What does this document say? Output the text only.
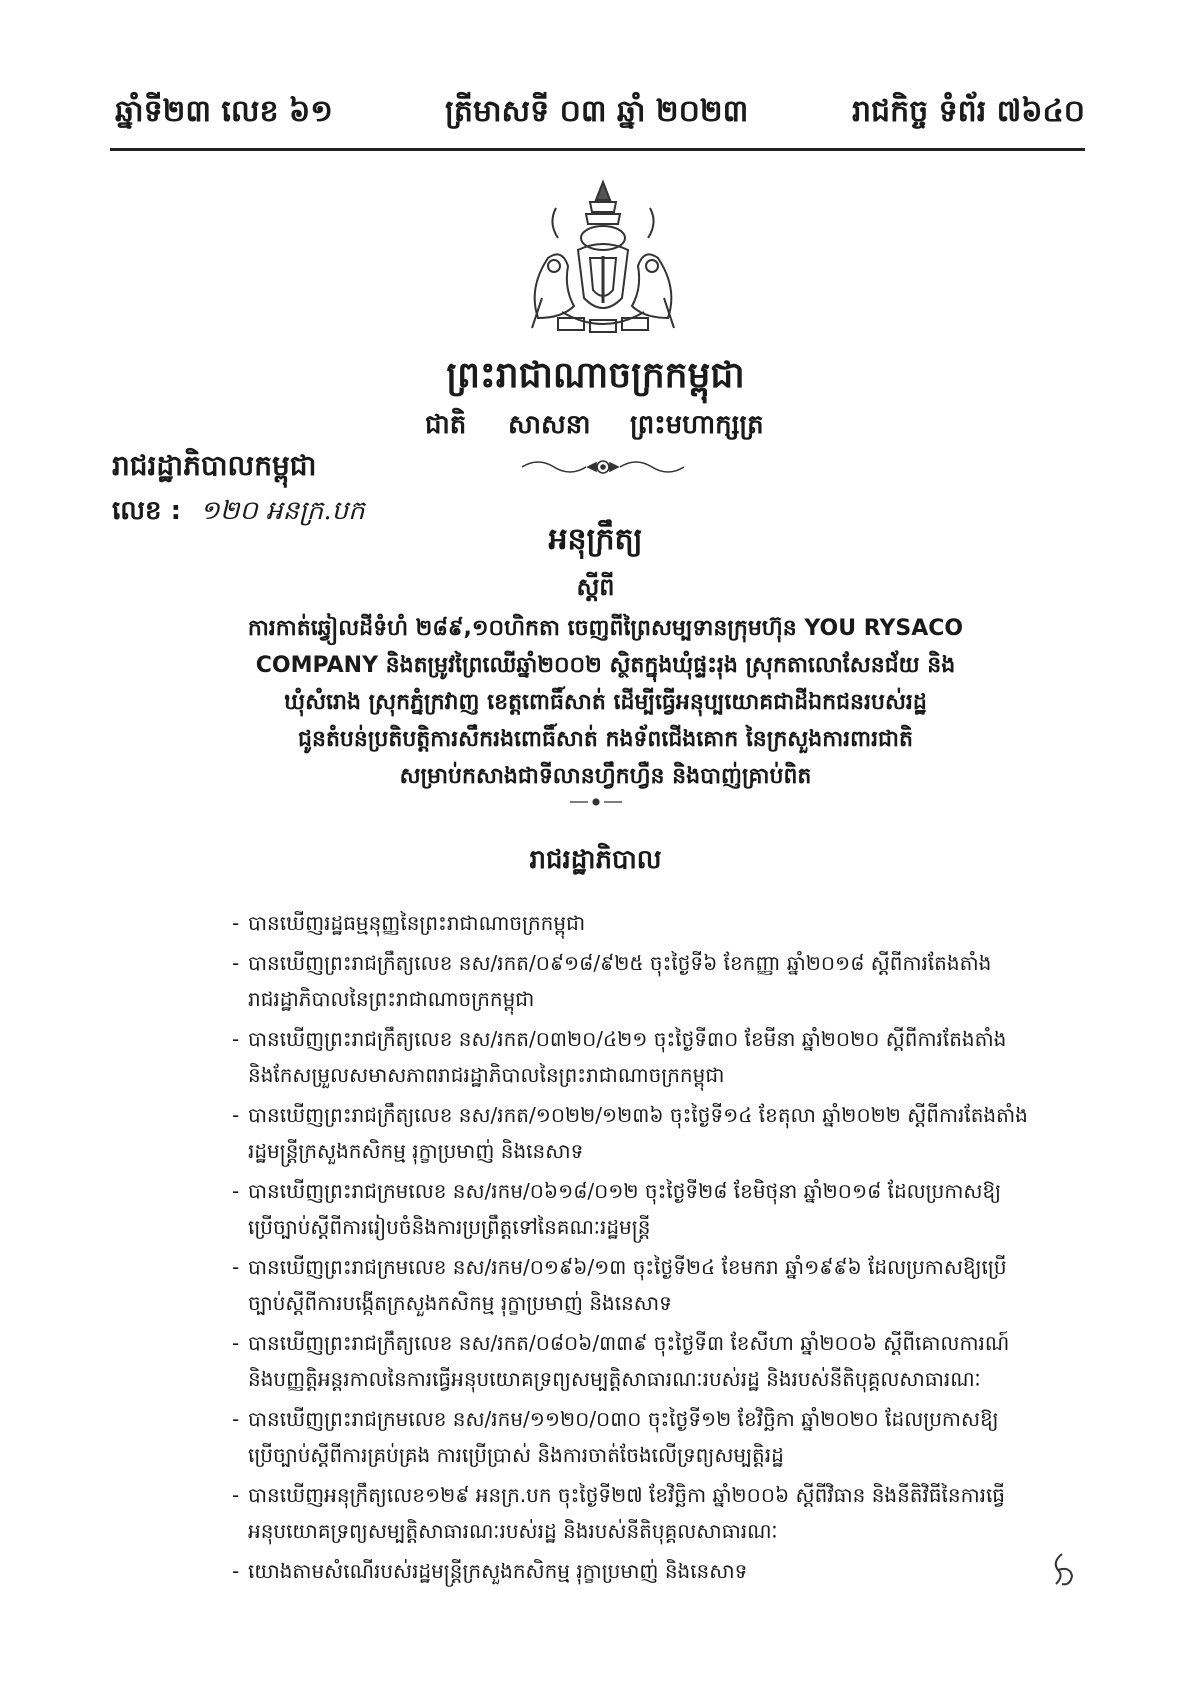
ឆ្នាំទី២៣ លេខ ៦១	ត្រីមាសទី ០៣ ឆ្នាំ ២០២៣	រាជកិច្ច ទំព័រ ៧៦៤០
ព្រះរាជាណាចក្រកម្ពុជា
ជាតិ សាសនា ព្រះមហាក្សត្រ
រាជរដ្ឋាភិបាលកម្ពុជា
លេខ : ១២០ អនក្រ.បក
អនុក្រឹត្យ
ស្តីពី
ការកាត់ឆ្វៀលដីទំហំ ២៨៩,១០ហិកតា ចេញពីព្រៃសម្បទានក្រុមហ៊ុន YOU RYSACO
COMPANY និងតម្រូវព្រៃឈើឆ្នាំ២០០២ ស្ថិតក្នុងឃុំផ្ទះរុង ស្រុកតាលោសែនជ័យ និង
ឃុំសំរោង ស្រុកភ្នំក្រវាញ ខេត្តពោធិ៍សាត់ ដើម្បីធ្វើអនុប្បយោគជាដីឯកជនរបស់រដ្ឋ
ជូនតំបន់ប្រតិបត្តិការសឹករងពោធិ៍សាត់ កងទ័ពជើងគោក នៃក្រសួងការពារជាតិ
សម្រាប់កសាងជាទីលានហ្វឹកហ្វឺន និងបាញ់គ្រាប់ពិត
រាជរដ្ឋាភិបាល
- បានឃើញរដ្ឋធម្មនុញ្ញនៃព្រះរាជាណាចក្រកម្ពុជា
- បានឃើញព្រះរាជក្រឹត្យលេខ នស/រកត/០៩១៨/៩២៥ ចុះថ្ងៃទី៦ ខែកញ្ញា ឆ្នាំ២០១៨ ស្តីពីការតែងតាំង
រាជរដ្ឋាភិបាលនៃព្រះរាជាណាចក្រកម្ពុជា
- បានឃើញព្រះរាជក្រឹត្យលេខ នស/រកត/០៣២០/៤២១ ចុះថ្ងៃទី៣០ ខែមីនា ឆ្នាំ២០២០ ស្តីពីការតែងតាំង
និងកែសម្រួលសមាសភាពរាជរដ្ឋាភិបាលនៃព្រះរាជាណាចក្រកម្ពុជា
- បានឃើញព្រះរាជក្រឹត្យលេខ នស/រកត/១០២២/១២៣៦ ចុះថ្ងៃទី១៤ ខែតុលា ឆ្នាំ២០២២ ស្តីពីការតែងតាំង
រដ្ឋមន្ត្រីក្រសួងកសិកម្ម រុក្ខាប្រមាញ់ និងនេសាទ
- បានឃើញព្រះរាជក្រមលេខ នស/រកម/០៦១៨/០១២ ចុះថ្ងៃទី២៨ ខែមិថុនា ឆ្នាំ២០១៨ ដែលប្រកាសឱ្យ
ប្រើច្បាប់ស្តីពីការរៀបចំនិងការប្រព្រឹត្តទៅនៃគណៈរដ្ឋមន្ត្រី
- បានឃើញព្រះរាជក្រមលេខ នស/រកម/០១៩៦/១៣ ចុះថ្ងៃទី២៤ ខែមករា ឆ្នាំ១៩៩៦ ដែលប្រកាសឱ្យប្រើ
ច្បាប់ស្តីពីការបង្កើតក្រសួងកសិកម្ម រុក្ខាប្រមាញ់ និងនេសាទ
- បានឃើញព្រះរាជក្រឹត្យលេខ នស/រកត/០៨០៦/៣៣៩ ចុះថ្ងៃទី៣ ខែសីហា ឆ្នាំ២០០៦ ស្តីពីគោលការណ៍
និងបញ្ញត្តិអន្តរកាលនៃការធ្វើអនុបយោគទ្រព្យសម្បត្តិសាធារណៈរបស់រដ្ឋ និងរបស់នីតិបុគ្គលសាធារណៈ
- បានឃើញព្រះរាជក្រមលេខ នស/រកម/១១២០/០៣០ ចុះថ្ងៃទី១២ ខែវិច្ឆិកា ឆ្នាំ២០២០ ដែលប្រកាសឱ្យ
ប្រើច្បាប់ស្តីពីការគ្រប់គ្រង ការប្រើប្រាស់ និងការចាត់ចែងលើទ្រព្យសម្បត្តិរដ្ឋ
- បានឃើញអនុក្រឹត្យលេខ១២៩ អនក្រ.បក ចុះថ្ងៃទី២៧ ខែវិច្ឆិកា ឆ្នាំ២០០៦ ស្តីពីវិធាន និងនីតិវិធីនៃការធ្វើ
អនុបយោគទ្រព្យសម្បត្តិសាធារណៈរបស់រដ្ឋ និងរបស់នីតិបុគ្គលសាធារណៈ
- យោងតាមសំណើរបស់រដ្ឋមន្ត្រីក្រសួងកសិកម្ម រុក្ខាប្រមាញ់ និងនេសាទ
